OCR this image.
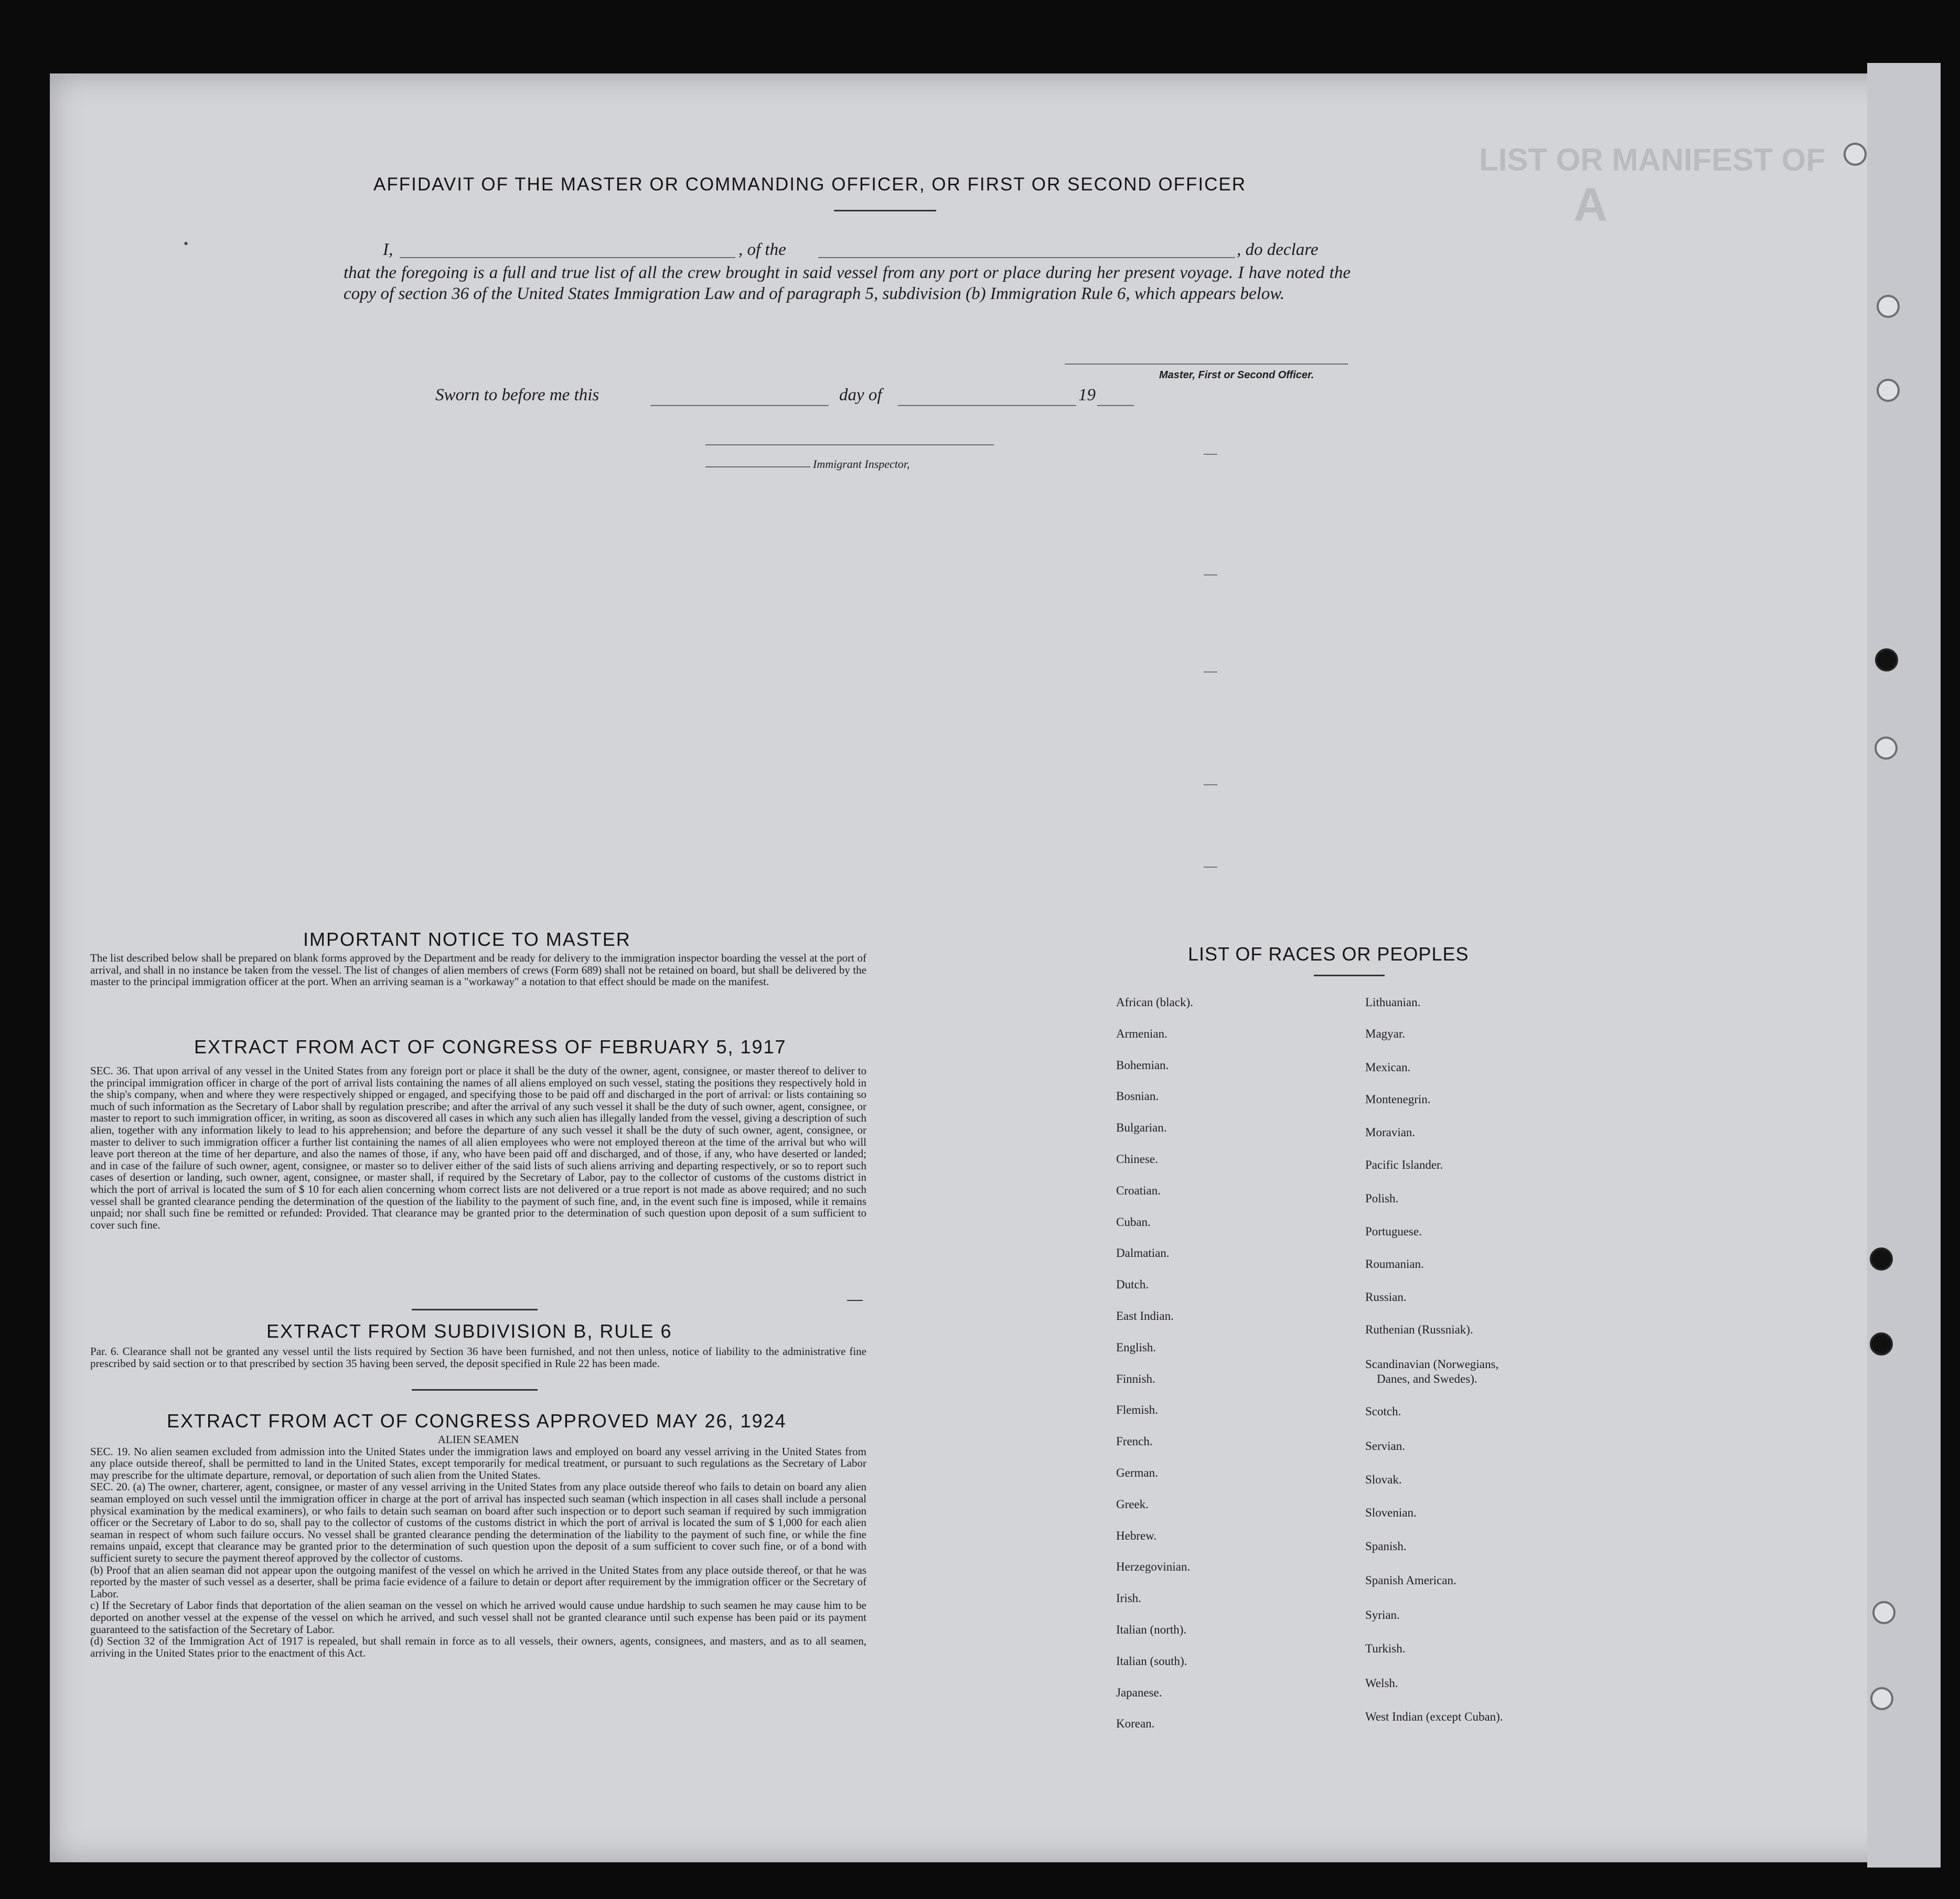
LIST OR MANIFEST OF
A
AFFIDAVIT OF THE MASTER OR COMMANDING OFFICER, OR FIRST OR SECOND OFFICER
I,	, of the	, do declare
that the foregoing is a full and true list of all the crew brought in said vessel from any port or place during her present voyage. I have noted the copy of section 36 of the United States Immigration Law and of paragraph 5, subdivision (b) Immigration Rule 6, which appears below.
Master, First or Second Officer.
Sworn to before me this	day of	19
Immigrant Inspector,
•
IMPORTANT NOTICE TO MASTER
The list described below shall be prepared on blank forms approved by the Department and be ready for delivery to the immigration inspector boarding the vessel at the port of arrival, and shall in no instance be taken from the vessel. The list of changes of alien members of crews (Form 689) shall not be retained on board, but shall be delivered by the master to the principal immigration officer at the port. When an arriving seaman is a "workaway" a notation to that effect should be made on the manifest.
EXTRACT FROM ACT OF CONGRESS OF FEBRUARY 5, 1917
SEC. 36. That upon arrival of any vessel in the United States from any foreign port or place it shall be the duty of the owner, agent, consignee, or master thereof to deliver to the principal immigration officer in charge of the port of arrival lists containing the names of all aliens employed on such vessel, stating the positions they respectively hold in the ship's company, when and where they were respectively shipped or engaged, and specifying those to be paid off and discharged in the port of arrival: or lists containing so much of such information as the Secretary of Labor shall by regulation prescribe; and after the arrival of any such vessel it shall be the duty of such owner, agent, consignee, or master to report to such immigration officer, in writing, as soon as discovered all cases in which any such alien has illegally landed from the vessel, giving a description of such alien, together with any information likely to lead to his apprehension; and before the departure of any such vessel it shall be the duty of such owner, agent, consignee, or master to deliver to such immigration officer a further list containing the names of all alien employees who were not employed thereon at the time of the arrival but who will leave port thereon at the time of her departure, and also the names of those, if any, who have been paid off and discharged, and of those, if any, who have deserted or landed; and in case of the failure of such owner, agent, consignee, or master so to deliver either of the said lists of such aliens arriving and departing respectively, or so to report such cases of desertion or landing, such owner, agent, consignee, or master shall, if required by the Secretary of Labor, pay to the collector of customs of the customs district in which the port of arrival is located the sum of $ 10 for each alien concerning whom correct lists are not delivered or a true report is not made as above required; and no such vessel shall be granted clearance pending the determination of the question of the liability to the payment of such fine, and, in the event such fine is imposed, while it remains unpaid; nor shall such fine be remitted or refunded: Provided. That clearance may be granted prior to the determination of such question upon deposit of a sum sufficient to cover such fine.
EXTRACT FROM SUBDIVISION B, RULE 6
Par. 6. Clearance shall not be granted any vessel until the lists required by Section 36 have been furnished, and not then unless, notice of liability to the administrative fine prescribed by said section or to that prescribed by section 35 having been served, the deposit specified in Rule 22 has been made.
EXTRACT FROM ACT OF CONGRESS APPROVED MAY 26, 1924

ALIEN SEAMEN

SEC. 19. No alien seamen excluded from admission into the United States under the immigration laws and employed on board any vessel arriving in the United States from any place outside thereof, shall be permitted to land in the United States, except temporarily for medical treatment, or pursuant to such regulations as the Secretary of Labor may prescribe for the ultimate departure, removal, or deportation of such alien from the United States.

SEC. 20. (a) The owner, charterer, agent, consignee, or master of any vessel arriving in the United States from any place outside thereof who fails to detain on board any alien seaman employed on such vessel until the immigration officer in charge at the port of arrival has inspected such seaman (which inspection in all cases shall include a personal physical examination by the medical examiners), or who fails to detain such seaman on board after such inspection or to deport such seaman if required by such immigration officer or the Secretary of Labor to do so, shall pay to the collector of customs of the customs district in which the port of arrival is located the sum of $ 1,000 for each alien seaman in respect of whom such failure occurs. No vessel shall be granted clearance pending the determination of the liability to the payment of such fine, or while the fine remains unpaid, except that clearance may be granted prior to the determination of such question upon the deposit of a sum sufficient to cover such fine, or of a bond with sufficient surety to secure the payment thereof approved by the collector of customs.

(b) Proof that an alien seaman did not appear upon the outgoing manifest of the vessel on which he arrived in the United States from any place outside thereof, or that he was reported by the master of such vessel as a deserter, shall be prima facie evidence of a failure to detain or deport after requirement by the immigration officer or the Secretary of Labor.

c) If the Secretary of Labor finds that deportation of the alien seaman on the vessel on which he arrived would cause undue hardship to such seamen he may cause him to be deported on another vessel at the expense of the vessel on which he arrived, and such vessel shall not be granted clearance until such expense has been paid or its payment guaranteed to the satisfaction of the Secretary of Labor.

(d) Section 32 of the Immigration Act of 1917 is repealed, but shall remain in force as to all vessels, their owners, agents, consignees, and masters, and as to all seamen, arriving in the United States prior to the enactment of this Act.

LIST OF RACES OR PEOPLES
African (black).
Armenian.
Bohemian.
Bosnian.
Bulgarian.
Chinese.
Croatian.
Cuban.
Dalmatian.
Dutch.
East Indian.
English.
Finnish.
Flemish.
French.
German.
Greek.
Hebrew.
Herzegovinian.
Irish.
Italian (north).
Italian (south).
Japanese.
Korean.
Lithuanian.
Magyar.
Mexican.
Montenegrin.
Moravian.
Pacific Islander.
Polish.
Portuguese.
Roumanian.
Russian.
Ruthenian (Russniak).
Scandinavian (Norwegians,
Danes, and Swedes).
Scotch.
Servian.
Slovak.
Slovenian.
Spanish.
Spanish American.
Syrian.
Turkish.
Welsh.
West Indian (except Cuban).
